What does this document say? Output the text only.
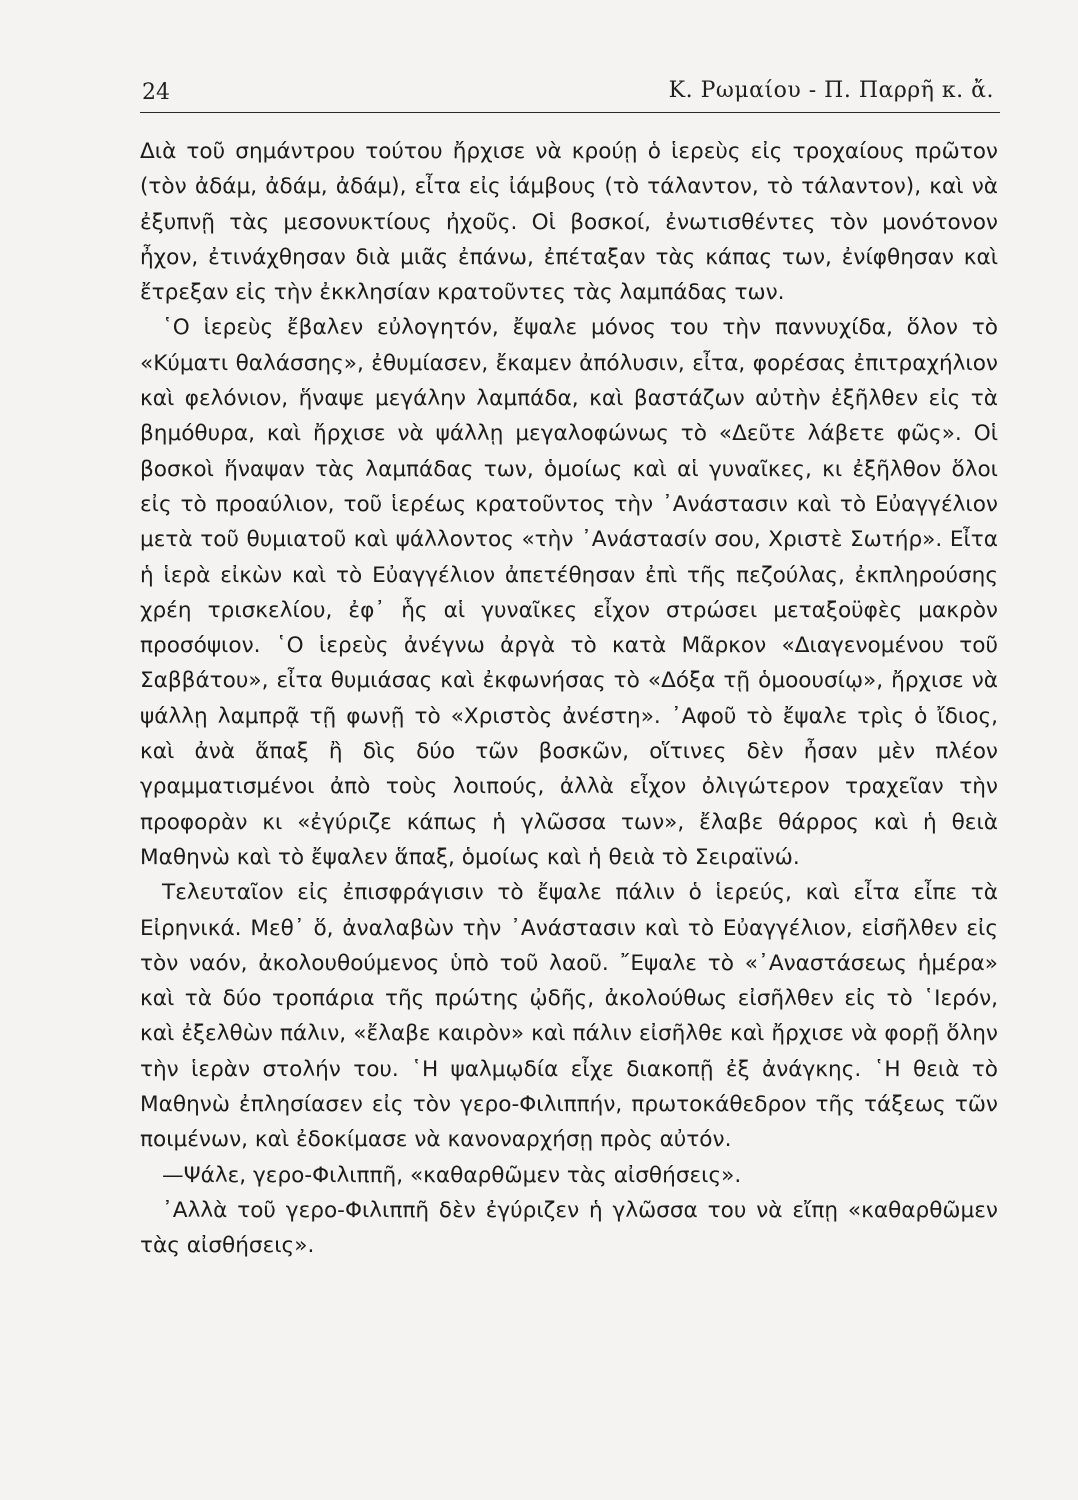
24	Κ. Ρωμαίου - Π. Παρρῆ κ. ἄ.

Διὰ τοῦ σημάντρου τούτου ἤρχισε νὰ κρούῃ ὁ ἱερεὺς εἰς τροχαίους πρῶτον (τὸν ἀδάμ, ἀδάμ, ἀδάμ), εἶτα εἰς ἰάμβους (τὸ τάλαντον, τὸ τάλαντον), καὶ νὰ ἐξυπνῇ τὰς μεσονυκτίους ἠχοῦς. Οἱ βοσκοί, ἐνωτισθέντες τὸν μονότονον ἦχον, ἐτινάχθησαν διὰ μιᾶς ἐπάνω, ἐπέταξαν τὰς κάπας των, ἐνίφθησαν καὶ ἔτρεξαν εἰς τὴν ἐκκλησίαν κρατοῦντες τὰς λαμπάδας των.

῾Ο ἱερεὺς ἔβαλεν εὐλογητόν, ἔψαλε μόνος του τὴν παννυχίδα, ὅλον τὸ «Κύματι θαλάσσης», ἐθυμίασεν, ἔκαμεν ἀπόλυσιν, εἶτα, φορέσας ἐπιτραχήλιον καὶ φελόνιον, ἥναψε μεγάλην λαμπάδα, καὶ βαστάζων αὐτὴν ἐξῆλθεν εἰς τὰ βημόθυρα, καὶ ἤρχισε νὰ ψάλλῃ μεγαλοφώνως τὸ «Δεῦτε λάβετε φῶς». Οἱ βοσκοὶ ἥναψαν τὰς λαμπάδας των, ὁμοίως καὶ αἱ γυναῖκες, κι ἐξῆλθον ὅλοι εἰς τὸ προαύλιον, τοῦ ἱερέως κρατοῦντος τὴν ᾿Ανάστασιν καὶ τὸ Εὐαγγέλιον μετὰ τοῦ θυμιατοῦ καὶ ψάλλοντος «τὴν ᾿Ανάστασίν σου, Χριστὲ Σωτήρ». Εἶτα ἡ ἱερὰ εἰκὼν καὶ τὸ Εὐαγγέλιον ἀπετέθησαν ἐπὶ τῆς πεζούλας, ἐκπληρούσης χρέη τρισκελίου, ἐφ᾿ ἧς αἱ γυναῖκες εἶχον στρώσει μεταξοϋφὲς μακρὸν προσόψιον. ῾Ο ἱερεὺς ἀνέγνω ἀργὰ τὸ κατὰ Μᾶρκον «Διαγενομένου τοῦ Σαββάτου», εἶτα θυμιάσας καὶ ἐκφωνήσας τὸ «Δόξα τῇ ὁμοουσίῳ», ἤρχισε νὰ ψάλλῃ λαμπρᾷ τῇ φωνῇ τὸ «Χριστὸς ἀνέστη». ᾿Αφοῦ τὸ ἔψαλε τρὶς ὁ ἴδιος, καὶ ἀνὰ ἅπαξ ἢ δὶς δύο τῶν βοσκῶν, οἵτινες δὲν ἦσαν μὲν πλέον γραμματισμένοι ἀπὸ τοὺς λοιπούς, ἀλλὰ εἶχον ὀλιγώτερον τραχεῖαν τὴν προφορὰν κι «ἐγύριζε κάπως ἡ γλῶσσα των», ἔλαβε θάρρος καὶ ἡ θειὰ Μαθηνὼ καὶ τὸ ἔψαλεν ἅπαξ, ὁμοίως καὶ ἡ θειὰ τὸ Σειραϊνώ.

Τελευταῖον εἰς ἐπισφράγισιν τὸ ἔψαλε πάλιν ὁ ἱερεύς, καὶ εἶτα εἶπε τὰ Εἰρηνικά. Μεθ᾿ ὅ, ἀναλαβὼν τὴν ᾿Ανάστασιν καὶ τὸ Εὐαγγέλιον, εἰσῆλθεν εἰς τὸν ναόν, ἀκολουθούμενος ὑπὸ τοῦ λαοῦ. ῎Εψαλε τὸ «᾿Αναστάσεως ἡμέρα» καὶ τὰ δύο τροπάρια τῆς πρώτης ᾠδῆς, ἀκολούθως εἰσῆλθεν εἰς τὸ ῾Ιερόν, καὶ ἐξελθὼν πάλιν, «ἔλαβε καιρὸν» καὶ πάλιν εἰσῆλθε καὶ ἤρχισε νὰ φορῇ ὅλην τὴν ἱερὰν στολήν του. ῾Η ψαλμῳδία εἶχε διακοπῇ ἐξ ἀνάγκης. ῾Η θειὰ τὸ Μαθηνὼ ἐπλησίασεν εἰς τὸν γερο-Φιλιππήν, πρωτοκάθεδρον τῆς τάξεως τῶν ποιμένων, καὶ ἐδοκίμασε νὰ κανοναρχήσῃ πρὸς αὐτόν.

—Ψάλε, γερο-Φιλιππῆ, «καθαρθῶμεν τὰς αἰσθήσεις».

᾿Αλλὰ τοῦ γερο-Φιλιππῆ δὲν ἐγύριζεν ἡ γλῶσσα του νὰ εἴπῃ «καθαρθῶμεν τὰς αἰσθήσεις».
